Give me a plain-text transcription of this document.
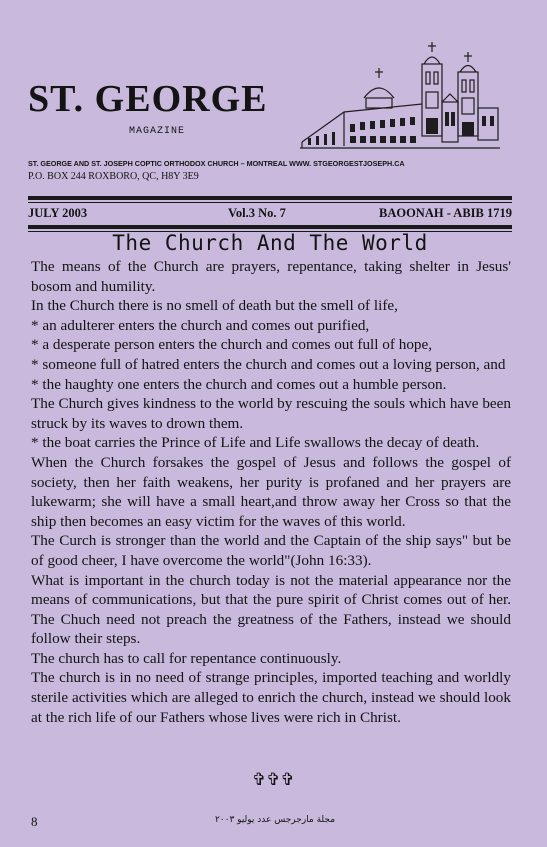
ST. GEORGE
MAGAZINE
ST. GEORGE AND ST. JOSEPH COPTIC ORTHODOX CHURCH – MONTREAL WWW. STGEORGESTJOSEPH.CA
P.O. BOX 244 ROXBORO, QC, H8Y 3E9
JULY 2003	Vol.3 No. 7	BAOONAH - ABIB 1719
The Church And The World

The means of the Church are prayers, repentance, taking shelter in Jesus' bosom and humility.

In the Church there is no smell of death but the smell of life,

* an adulterer enters the church and comes out purified,

* a desperate person enters the church and comes out full of hope,

* someone full of hatred enters the church and comes out a loving person, and

* the haughty one enters the church and comes out a humble person.

The Church gives kindness to the world by rescuing the souls which have been struck by its waves to drown them.

* the boat carries the Prince of Life and Life swallows the decay of death.

When the Church forsakes the gospel of Jesus and follows the gospel of society, then her faith weakens, her purity is profaned and her prayers are lukewarm; she will have a small heart,and throw away her Cross so that the ship then becomes an easy victim for the waves of this world.

The Curch is stronger than the world and the Captain of the ship says" but be of good cheer, I have overcome the world"(John 16:33).

What is important in the church today is not the material appearance nor the means of communications, but that the pure spirit of Christ comes out of her. The Chuch need not preach the greatness of the Fathers, instead we should follow their steps.

The church has to call for repentance continuously.

The church is in no need of strange principles, imported teaching and worldly sterile activities which are alleged to enrich the church, instead we should look at the rich life of our Fathers whose lives were rich in Christ.

✞✞✞
8	مجلة مارجرجس عدد يوليو ٢٠٠٣
